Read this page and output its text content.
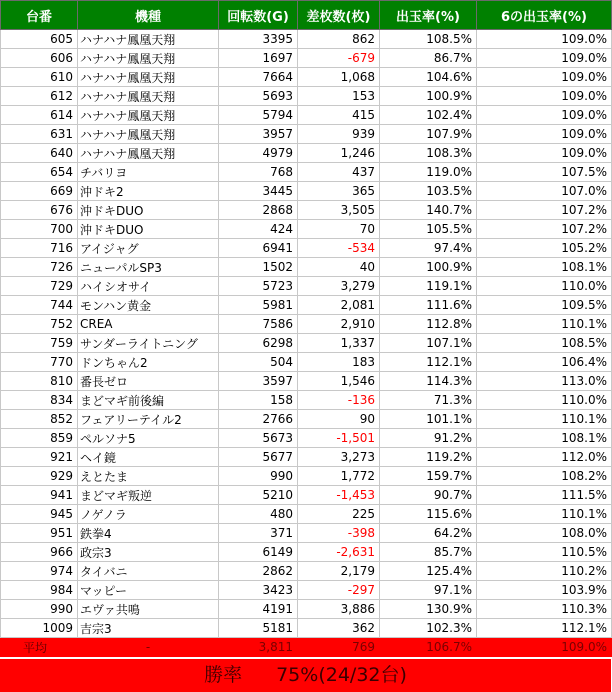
台番	機種	回転数(G)	差枚数(枚)	出玉率(%)	6の出玉率(%)
605	ハナハナ鳳凰天翔	3395	862	108.5%	109.0%
606	ハナハナ鳳凰天翔	1697	-679	86.7%	109.0%
610	ハナハナ鳳凰天翔	7664	1,068	104.6%	109.0%
612	ハナハナ鳳凰天翔	5693	153	100.9%	109.0%
614	ハナハナ鳳凰天翔	5794	415	102.4%	109.0%
631	ハナハナ鳳凰天翔	3957	939	107.9%	109.0%
640	ハナハナ鳳凰天翔	4979	1,246	108.3%	109.0%
654	チバリヨ	768	437	119.0%	107.5%
669	沖ドキ2	3445	365	103.5%	107.0%
676	沖ドキDUO	2868	3,505	140.7%	107.2%
700	沖ドキDUO	424	70	105.5%	107.2%
716	アイジャグ	6941	-534	97.4%	105.2%
726	ニューパルSP3	1502	40	100.9%	108.1%
729	ハイシオサイ	5723	3,279	119.1%	110.0%
744	モンハン黄金	5981	2,081	111.6%	109.5%
752	CREA	7586	2,910	112.8%	110.1%
759	サンダーライトニング	6298	1,337	107.1%	108.5%
770	ドンちゃん2	504	183	112.1%	106.4%
810	番長ゼロ	3597	1,546	114.3%	113.0%
834	まどマギ前後編	158	-136	71.3%	110.0%
852	フェアリーテイル2	2766	90	101.1%	110.1%
859	ペルソナ5	5673	-1,501	91.2%	108.1%
921	ヘイ鏡	5677	3,273	119.2%	112.0%
929	えとたま	990	1,772	159.7%	108.2%
941	まどマギ叛逆	5210	-1,453	90.7%	111.5%
945	ノゲノラ	480	225	115.6%	110.1%
951	鉄拳4	371	-398	64.2%	108.0%
966	政宗3	6149	-2,631	85.7%	110.5%
974	タイバニ	2862	2,179	125.4%	110.2%
984	マッピー	3423	-297	97.1%	103.9%
990	エヴァ共鳴	4191	3,886	130.9%	110.3%
1009	吉宗3	5181	362	102.3%	112.1%
平均	-	3,811	769	106.7%	109.0%
勝率 75%(24/32台)
